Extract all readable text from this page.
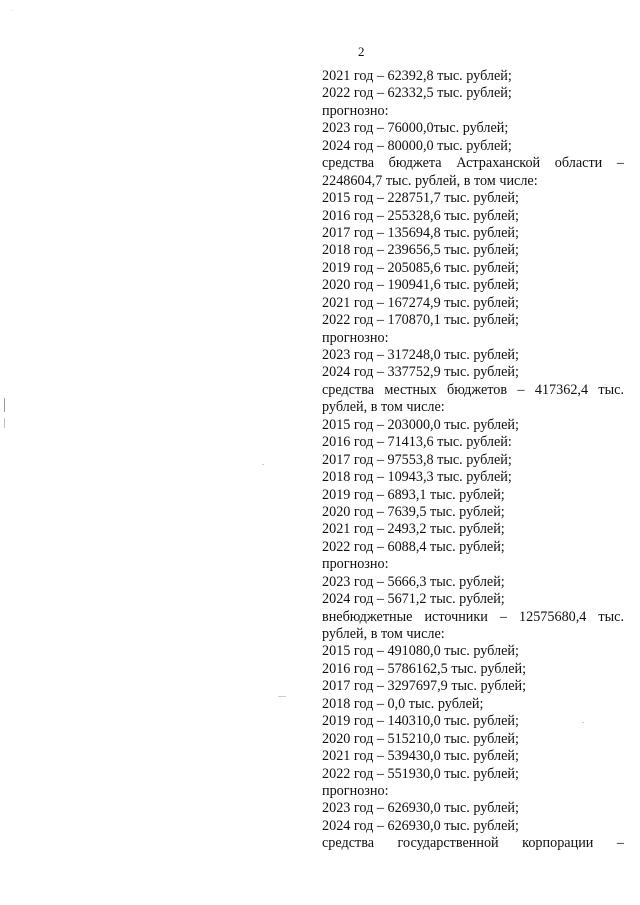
2
2021 год – 62392,8 тыс. рублей;
2022 год – 62332,5 тыс. рублей;
прогнозно:
2023 год – 76000,0тыс. рублей;
2024 год – 80000,0 тыс. рублей;
средства бюджета Астраханской области –
2248604,7 тыс. рублей, в том числе:
2015 год – 228751,7 тыс. рублей;
2016 год – 255328,6 тыс. рублей;
2017 год – 135694,8 тыс. рублей;
2018 год – 239656,5 тыс. рублей;
2019 год – 205085,6 тыс. рублей;
2020 год – 190941,6 тыс. рублей;
2021 год – 167274,9 тыс. рублей;
2022 год – 170870,1 тыс. рублей;
прогнозно:
2023 год – 317248,0 тыс. рублей;
2024 год – 337752,9 тыс. рублей;
средства местных бюджетов – 417362,4 тыс.
рублей, в том числе:
2015 год – 203000,0 тыс. рублей;
2016 год – 71413,6 тыс. рублей:
2017 год – 97553,8 тыс. рублей;
2018 год – 10943,3 тыс. рублей;
2019 год – 6893,1 тыс. рублей;
2020 год – 7639,5 тыс. рублей;
2021 год – 2493,2 тыс. рублей;
2022 год – 6088,4 тыс. рублей;
прогнозно:
2023 год – 5666,3 тыс. рублей;
2024 год – 5671,2 тыс. рублей;
внебюджетные источники – 12575680,4 тыс.
рублей, в том числе:
2015 год – 491080,0 тыс. рублей;
2016 год – 5786162,5 тыс. рублей;
2017 год – 3297697,9 тыс. рублей;
2018 год – 0,0 тыс. рублей;
2019 год – 140310,0 тыс. рублей;
2020 год – 515210,0 тыс. рублей;
2021 год – 539430,0 тыс. рублей;
2022 год – 551930,0 тыс. рублей;
прогнозно:
2023 год – 626930,0 тыс. рублей;
2024 год – 626930,0 тыс. рублей;
средства государственной корпорации –
